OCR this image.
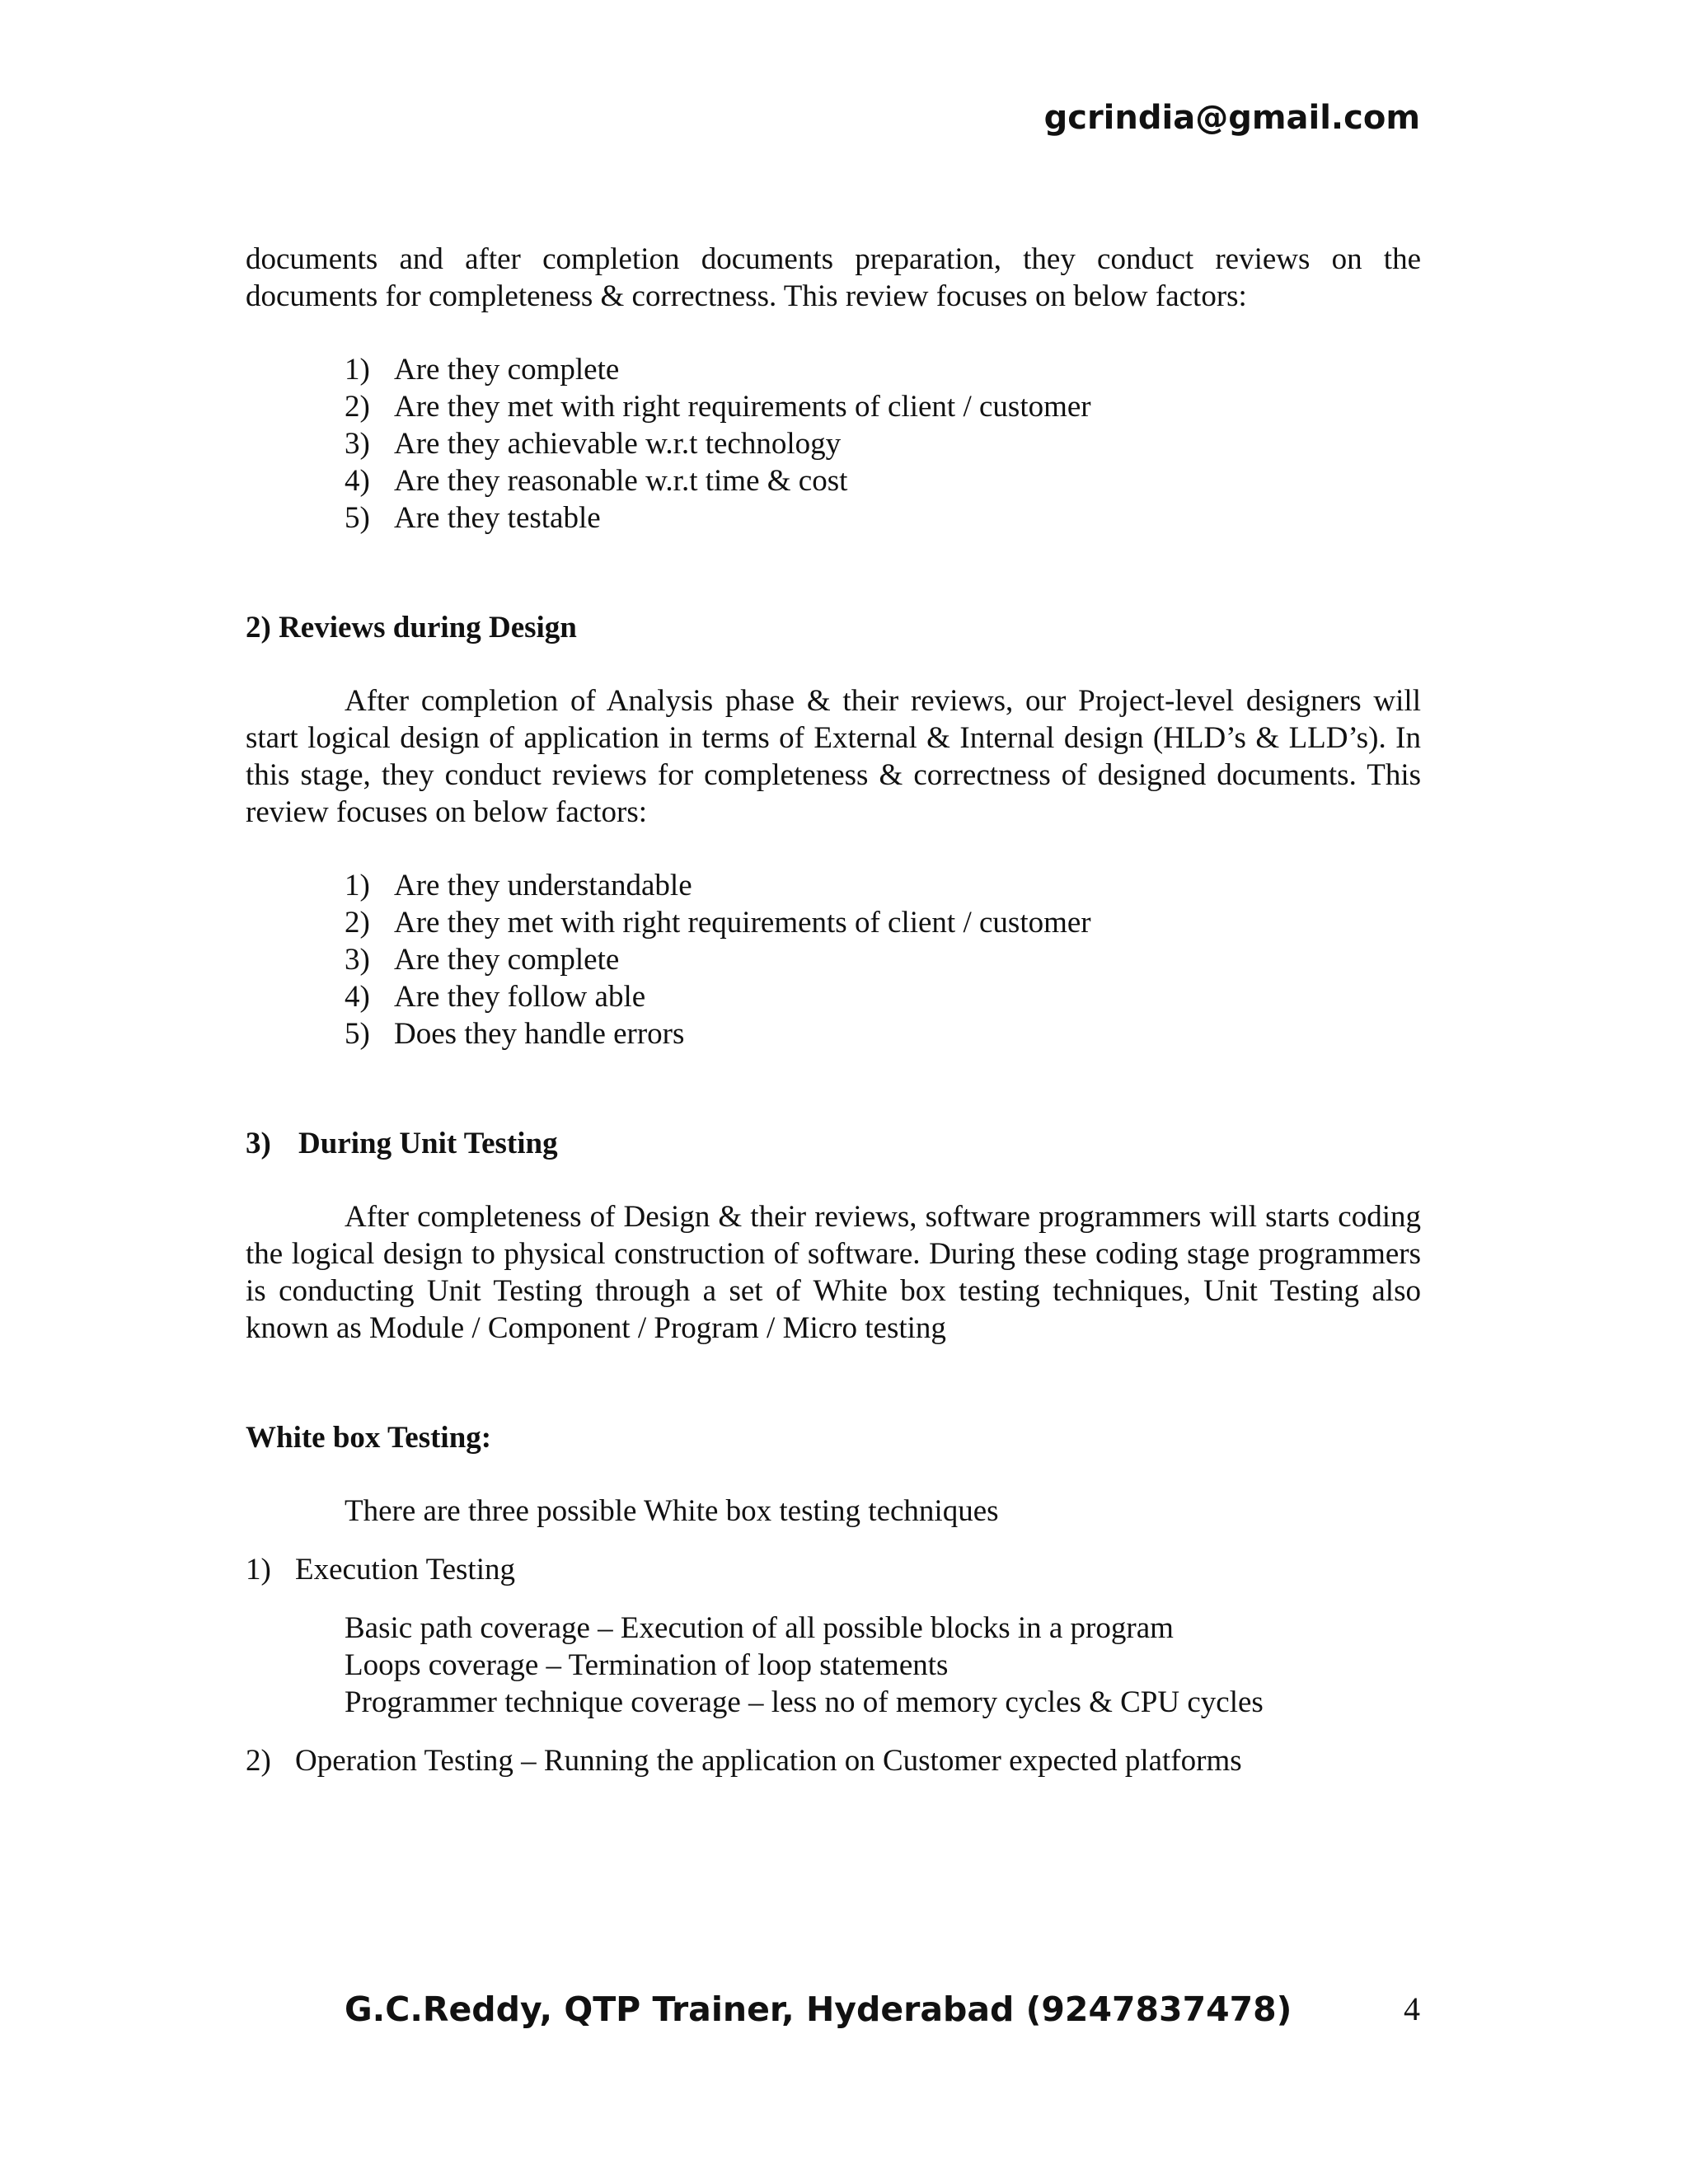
gcrindia@gmail.com

documents and after completion documents preparation, they conduct reviews on the documents for completeness & correctness. This review focuses on below factors:

1) Are they complete
2) Are they met with right requirements of client / customer
3) Are they achievable w.r.t technology
4) Are they reasonable w.r.t time & cost
5) Are they testable

2) Reviews during Design

After completion of Analysis phase & their reviews, our Project-level designers will start logical design of application in terms of External & Internal design (HLD’s & LLD’s). In this stage, they conduct reviews for completeness & correctness of designed documents. This review focuses on below factors:

1) Are they understandable
2) Are they met with right requirements of client / customer
3) Are they complete
4) Are they follow able
5) Does they handle errors

3) During Unit Testing

After completeness of Design & their reviews, software programmers will starts coding the logical design to physical construction of software. During these coding stage programmers is conducting Unit Testing through a set of White box testing techniques, Unit Testing also known as Module / Component / Program / Micro testing

White box Testing:

There are three possible White box testing techniques

1) Execution Testing

Basic path coverage – Execution of all possible blocks in a program

Loops coverage – Termination of loop statements

Programmer technique coverage – less no of memory cycles & CPU cycles

2) Operation Testing – Running the application on Customer expected platforms
G.C.Reddy, QTP Trainer, Hyderabad (9247837478)	4
